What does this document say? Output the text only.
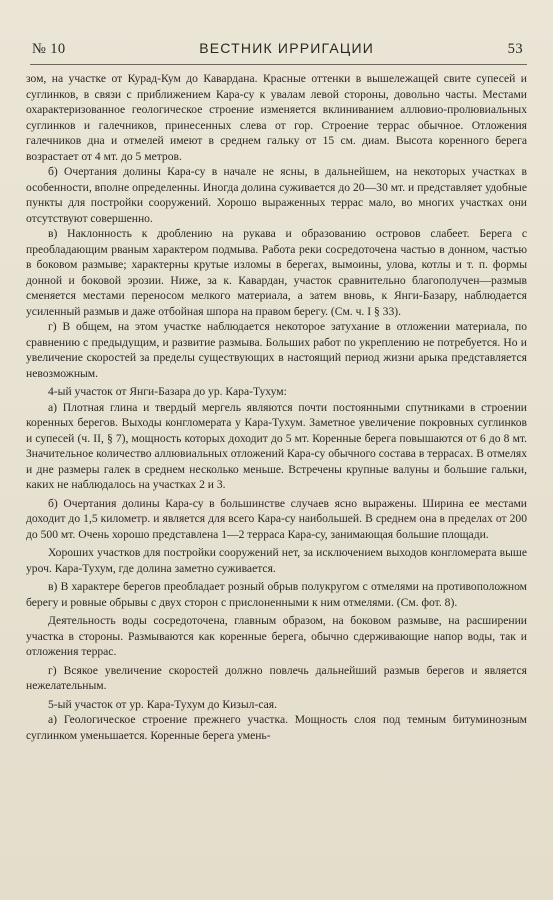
№ 10	ВЕСТНИК ИРРИГАЦИИ	53

зом, на участке от Курад-Кум до Кавардана. Красные оттенки в вышележащей свите супесей и суглинков, в связи с приближением Кара-су к увалам левой стороны, довольно часты. Местами охарактеризованное геологическое строение изменяется вклиниванием аллювио-пролювиальных суглинков и галечников, принесенных слева от гор. Строение террас обычное. Отложения галечников дна и отмелей имеют в среднем гальку от 15 см. диам. Высота коренного берега возрастает от 4 мт. до 5 метров.

б) Очертания долины Кара-су в начале не ясны, в дальнейшем, на некоторых участках в особенности, вполне определенны. Иногда долина суживается до 20—30 мт. и представляет удобные пункты для постройки сооружений. Хорошо выраженных террас мало, во многих участках они отсутствуют совершенно.

в) Наклонность к дроблению на рукава и образованию островов слабеет. Берега с преобладающим рваным характером подмыва. Работа реки сосредоточена частью в донном, частью в боковом размыве; характерны крутые изломы в берегах, вымоины, улова, котлы и т. п. формы донной и боковой эрозии. Ниже, за к. Кавардан, участок сравнительно благополучен—размыв сменяется местами переносом мелкого материала, а затем вновь, к Янги-Базару, наблюдается усиленный размыв и даже отбойная шпора на правом берегу. (См. ч. I § 33).

г) В общем, на этом участке наблюдается некоторое затухание в отложении материала, по сравнению с предыдущим, и развитие размыва. Больших работ по укреплению не потребуется. Но и увеличение скоростей за пределы существующих в настоящий период жизни арыка представляется невозможным.

4-ый участок от Янги-Базара до ур. Кара-Тухум:

а) Плотная глина и твердый мергель являются почти постоянными спутниками в строении коренных берегов. Выходы конгломерата у Кара-Тухум. Заметное увеличение покровных суглинков и супесей (ч. II, § 7), мощность которых доходит до 5 мт. Коренные берега повышаются от 6 до 8 мт. Значительное количество аллювиальных отложений Кара-су обычного состава в террасах. В отмелях и дне размеры галек в среднем несколько меньше. Встречены крупные валуны и большие гальки, каких не наблюдалось на участках 2 и 3.

б) Очертания долины Кара-су в большинстве случаев ясно выражены. Ширина ее местами доходит до 1,5 километр. и является для всего Кара-су наибольшей. В среднем она в пределах от 200 до 500 мт. Очень хорошо представлена 1—2 терраса Кара-су, занимающая большие площади.

Хороших участков для постройки сооружений нет, за исключением выходов конгломерата выше уроч. Кара-Тухум, где долина заметно суживается.

в) В характере берегов преобладает розный обрыв полукругом с отмелями на противоположном берегу и ровные обрывы с двух сторон с прислоненными к ним отмелями. (См. фот. 8).

Деятельность воды сосредоточена, главным образом, на боковом размыве, на расширении участка в стороны. Размываются как коренные берега, обычно сдерживающие напор воды, так и отложения террас.

г) Всякое увеличение скоростей должно повлечь дальнейший размыв берегов и является нежелательным.

5-ый участок от ур. Кара-Тухум до Кизыл-сая.

а) Геологическое строение прежнего участка. Мощность слоя под темным битуминозным суглинком уменьшается. Коренные берега умень-
